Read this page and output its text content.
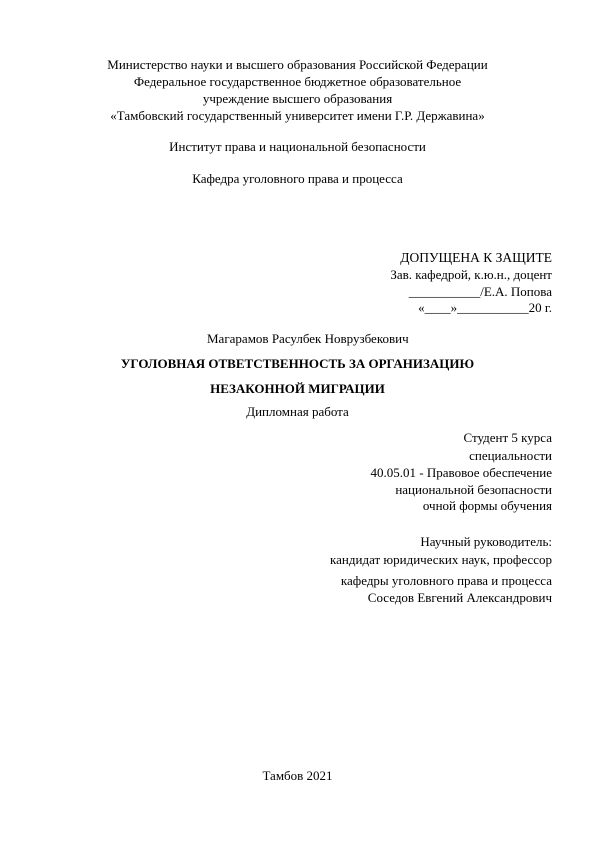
Министерство науки и высшего образования Российской Федерации
Федеральное государственное бюджетное образовательное
учреждение высшего образования
«Тамбовский государственный университет имени Г.Р. Державина»
Институт права и национальной безопасности
Кафедра уголовного права и процесса
ДОПУЩЕНА К ЗАЩИТЕ
Зав. кафедрой, к.ю.н., доцент
___________/Е.А. Попова
«____»___________20 г.
Магарамов Расулбек Новрузбекович
УГОЛОВНАЯ ОТВЕТСТВЕННОСТЬ ЗА ОРГАНИЗАЦИЮ
НЕЗАКОННОЙ МИГРАЦИИ
Дипломная работа
Студент 5 курса
специальности
40.05.01 - Правовое обеспечение
национальной безопасности
очной формы обучения
Научный руководитель:
кандидат юридических наук, профессор
кафедры уголовного права и процесса
Соседов Евгений Александрович
Тамбов 2021
